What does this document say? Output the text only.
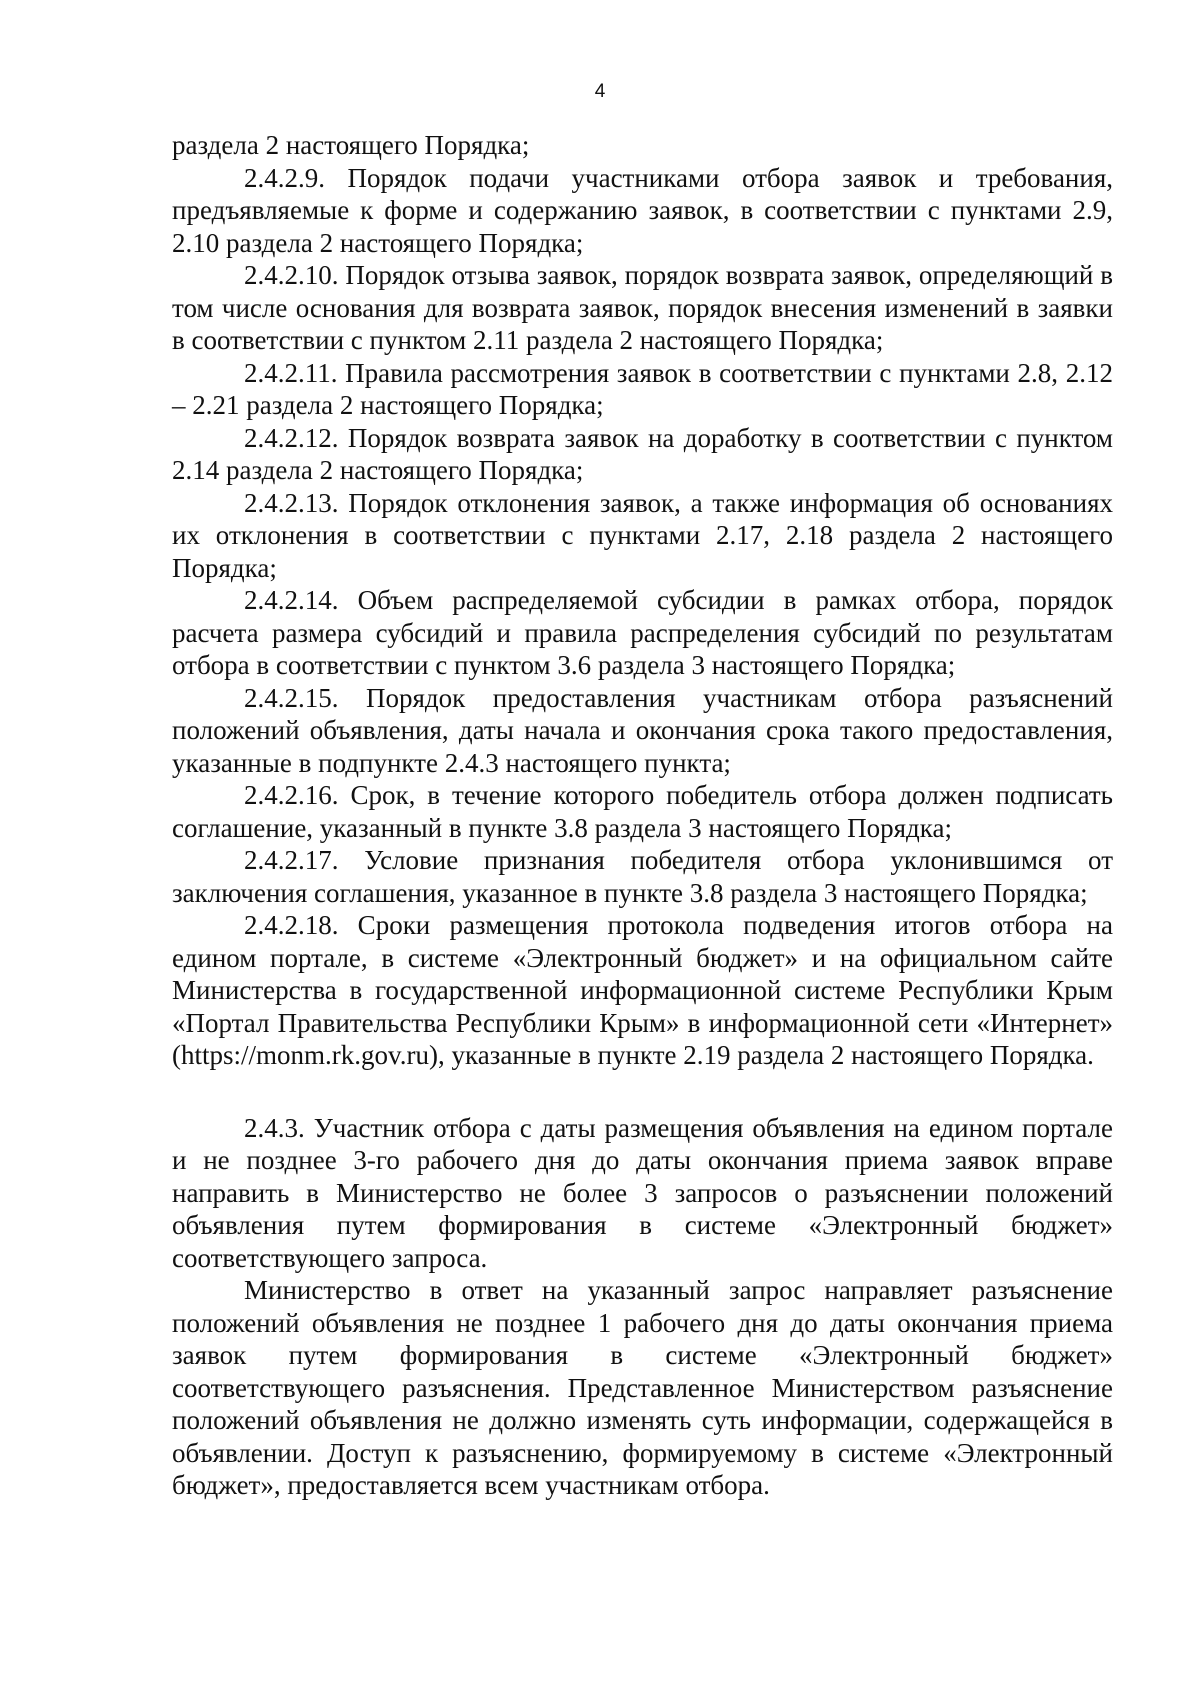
4

раздела 2 настоящего Порядка;

2.4.2.9. Порядок подачи участниками отбора заявок и требования, предъявляемые к форме и содержанию заявок, в соответствии с пунктами 2.9, 2.10 раздела 2 настоящего Порядка;

2.4.2.10. Порядок отзыва заявок, порядок возврата заявок, определяющий в том числе основания для возврата заявок, порядок внесения изменений в заявки в соответствии с пунктом 2.11 раздела 2 настоящего Порядка;

2.4.2.11. Правила рассмотрения заявок в соответствии с пунктами 2.8, 2.12 – 2.21 раздела 2 настоящего Порядка;

2.4.2.12. Порядок возврата заявок на доработку в соответствии с пунктом 2.14 раздела 2 настоящего Порядка;

2.4.2.13. Порядок отклонения заявок, а также информация об основаниях их отклонения в соответствии с пунктами 2.17, 2.18 раздела 2 настоящего Порядка;

2.4.2.14. Объем распределяемой субсидии в рамках отбора, порядок расчета размера субсидий и правила распределения субсидий по результатам отбора в соответствии с пунктом 3.6 раздела 3 настоящего Порядка;

2.4.2.15. Порядок предоставления участникам отбора разъяснений положений объявления, даты начала и окончания срока такого предоставления, указанные в подпункте 2.4.3 настоящего пункта;

2.4.2.16. Срок, в течение которого победитель отбора должен подписать соглашение, указанный в пункте 3.8 раздела 3 настоящего Порядка;

2.4.2.17. Условие признания победителя отбора уклонившимся от заключения соглашения, указанное в пункте 3.8 раздела 3 настоящего Порядка;

2.4.2.18. Сроки размещения протокола подведения итогов отбора на едином портале, в системе «Электронный бюджет» и на официальном сайте Министерства в государственной информационной системе Республики Крым «Портал Правительства Республики Крым» в информационной сети «Интернет» (https://monm.rk.gov.ru), указанные в пункте 2.19 раздела 2 настоящего Порядка.

2.4.3. Участник отбора с даты размещения объявления на едином портале и не позднее 3-го рабочего дня до даты окончания приема заявок вправе направить в Министерство не более 3 запросов о разъяснении положений объявления путем формирования в системе «Электронный бюджет» соответствующего запроса.

Министерство в ответ на указанный запрос направляет разъяснение положений объявления не позднее 1 рабочего дня до даты окончания приема заявок путем формирования в системе «Электронный бюджет» соответствующего разъяснения. Представленное Министерством разъяснение положений объявления не должно изменять суть информации, содержащейся в объявлении. Доступ к разъяснению, формируемому в системе «Электронный бюджет», предоставляется всем участникам отбора.
